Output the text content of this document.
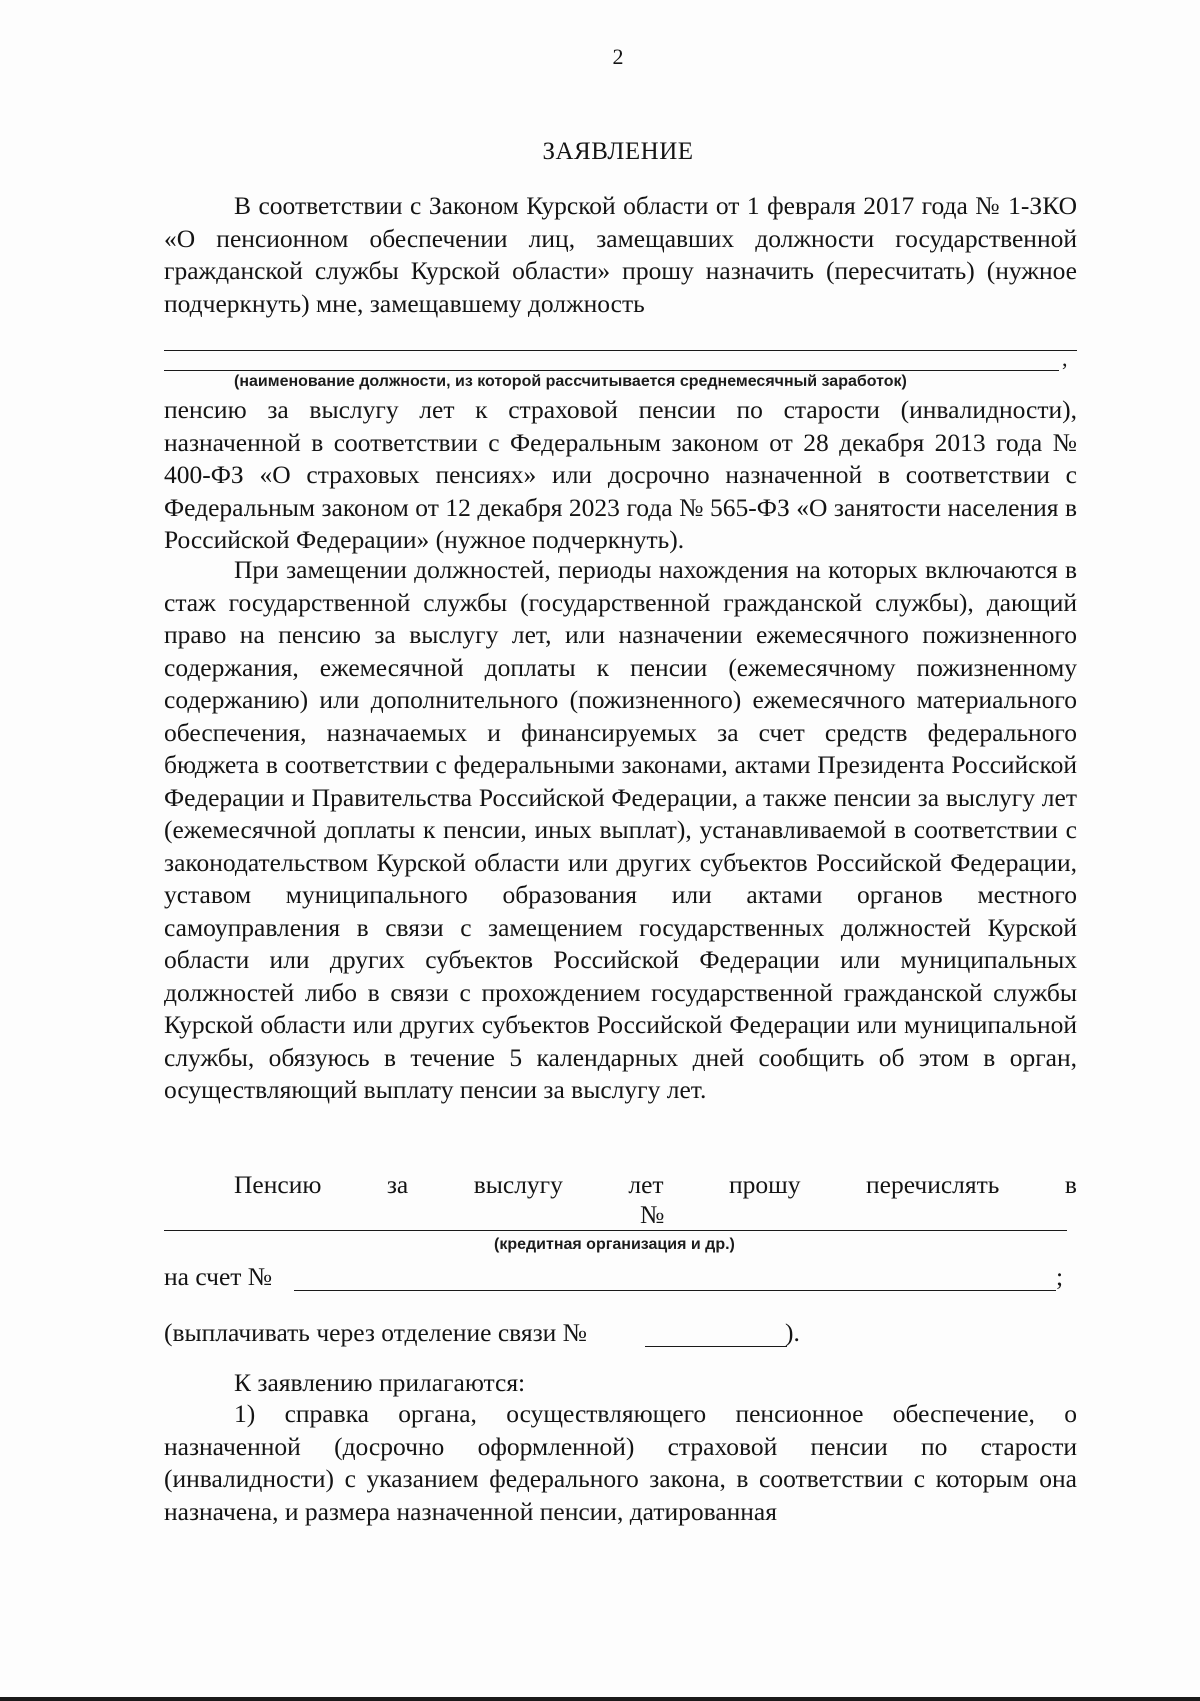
2
ЗАЯВЛЕНИЕ

В соответствии с Законом Курской области от 1 февраля 2017 года № 1-ЗКО «О пенсионном обеспечении лиц, замещавших должности государственной гражданской службы Курской области» прошу назначить (пересчитать) (нужное подчеркнуть) мне, замещавшему должность

,
(наименование должности, из которой рассчитывается среднемесячный заработок)

пенсию за выслугу лет к страховой пенсии по старости (инвалидности), назначенной в соответствии с Федеральным законом от 28 декабря 2013 года № 400-ФЗ «О страховых пенсиях» или досрочно назначенной в соответствии с Федеральным законом от 12 декабря 2023 года № 565-ФЗ «О занятости населения в Российской Федерации» (нужное подчеркнуть).

При замещении должностей, периоды нахождения на которых включаются в стаж государственной службы (государственной гражданской службы), дающий право на пенсию за выслугу лет, или назначении ежемесячного пожизненного содержания, ежемесячной доплаты к пенсии (ежемесячному пожизненному содержанию) или дополнительного (пожизненного) ежемесячного материального обеспечения, назначаемых и финансируемых за счет средств федерального бюджета в соответствии с федеральными законами, актами Президента Российской Федерации и Правительства Российской Федерации, а также пенсии за выслугу лет (ежемесячной доплаты к пенсии, иных выплат), устанавливаемой в соответствии с законодательством Курской области или других субъектов Российской Федерации, уставом муниципального образования или актами органов местного самоуправления в связи с замещением государственных должностей Курской области или других субъектов Российской Федерации или муниципальных должностей либо в связи с прохождением государственной гражданской службы Курской области или других субъектов Российской Федерации или муниципальной службы, обязуюсь в течение 5 календарных дней сообщить об этом в орган, осуществляющий выплату пенсии за выслугу лет.

Пенсию	за	выслугу	лет	прошу	перечислять	в
№
(кредитная организация и др.)
на счет №	;
(выплачивать через отделение связи №	).
К заявлению прилагаются:

1) справка органа, осуществляющего пенсионное обеспечение, о назначенной (досрочно оформленной) страховой пенсии по старости (инвалидности) с указанием федерального закона, в соответствии с которым она назначена, и размера назначенной пенсии, датированная
